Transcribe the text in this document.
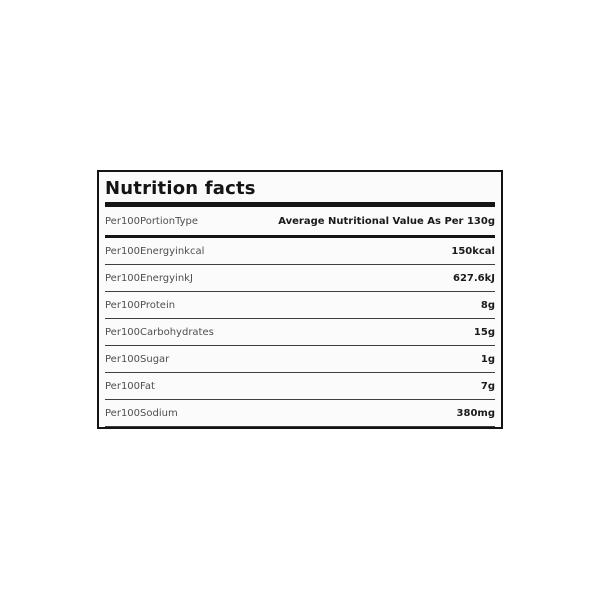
Nutrition facts
Per100PortionType	Average Nutritional Value As Per 130g
Per100Energyinkcal	150kcal
Per100EnergyinkJ	627.6kJ
Per100Protein	8g
Per100Carbohydrates	15g
Per100Sugar	1g
Per100Fat	7g
Per100Sodium	380mg
